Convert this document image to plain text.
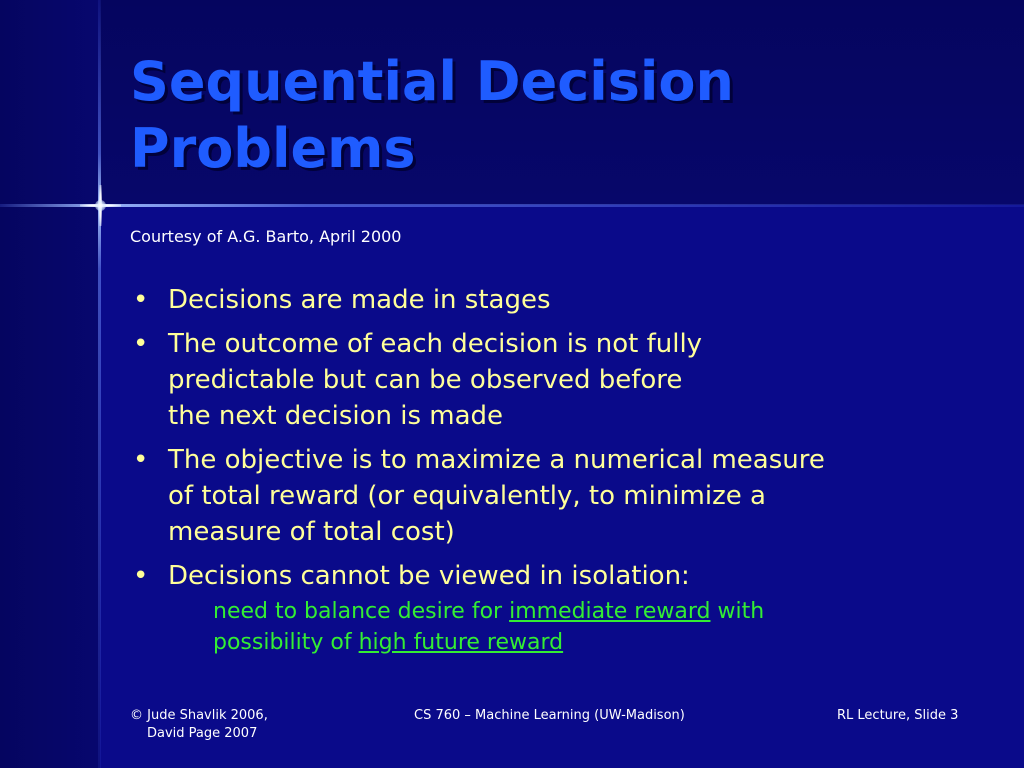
Sequential Decision Problems
Courtesy of A.G. Barto, April 2000
• Decisions are made in stages
• The outcome of each decision is not fully
predictable but can be observed before
the next decision is made
• The objective is to maximize a numerical measure
of total reward (or equivalently, to minimize a
measure of total cost)
• Decisions cannot be viewed in isolation:
need to balance desire for immediate reward with
possibility of high future reward
© Jude Shavlik 2006,
David Page 2007
CS 760 – Machine Learning (UW-Madison)	RL Lecture, Slide 3
